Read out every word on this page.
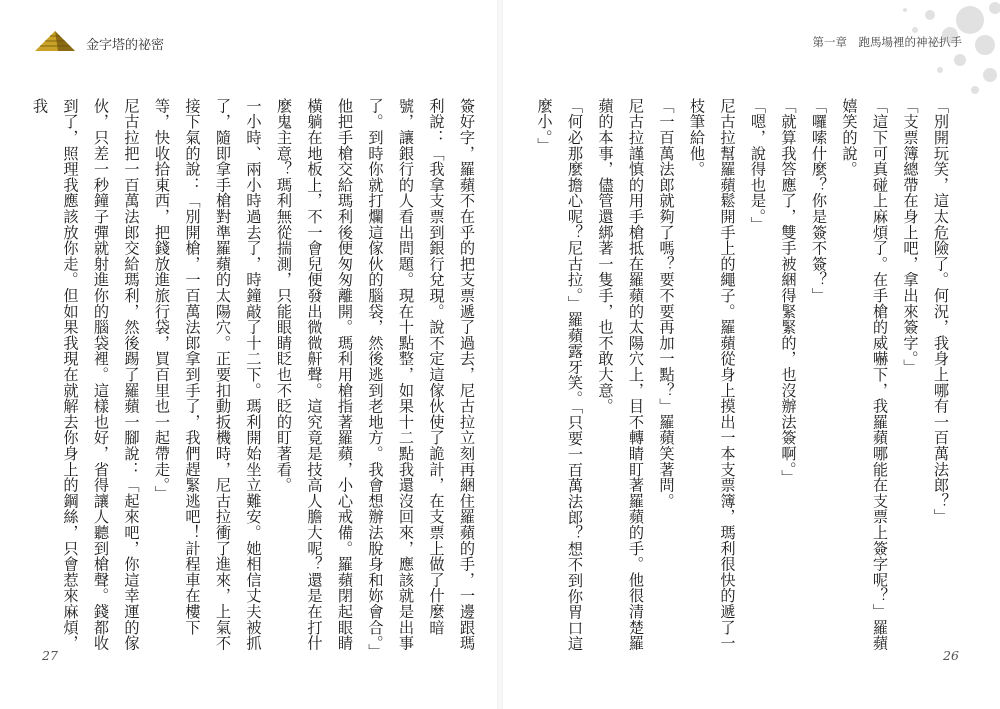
金字塔的祕密	第一章　跑馬場裡的神祕扒手

「別開玩笑，這太危險了。何況，我身上哪有一百萬法郎？」

「支票簿總帶在身上吧，拿出來簽字。」

「這下可真碰上麻煩了。在手槍的威嚇下，我羅蘋哪能在支票上簽字呢？」羅蘋嬉笑的說。

「囉嗦什麼？你是簽不簽？」

「就算我答應了，雙手被綑得緊緊的，也沒辦法簽啊。」

「嗯，說得也是。」

尼古拉幫羅蘋鬆開手上的繩子。羅蘋從身上摸出一本支票簿，瑪利很快的遞了一枝筆給他。

「一百萬法郎就夠了嗎？要不要再加一點？」羅蘋笑著問。

尼古拉謹慎的用手槍抵在羅蘋的太陽穴上，目不轉睛盯著羅蘋的手。他很清楚羅蘋的本事，儘管還綁著一隻手，也不敢大意。

「何必那麼擔心呢？尼古拉。」羅蘋露牙笑。「只要一百萬法郎？想不到你胃口這麼小。」

簽好字，羅蘋不在乎的把支票遞了過去，尼古拉立刻再綑住羅蘋的手，一邊跟瑪利說：「我拿支票到銀行兌現。說不定這傢伙使了詭計，在支票上做了什麼暗號，讓銀行的人看出問題。現在十點整，如果十二點我還沒回來，應該就是出事了。到時你就打爛這傢伙的腦袋，然後逃到老地方。我會想辦法脫身和妳會合。」

他把手槍交給瑪利後便匆匆離開。瑪利用槍指著羅蘋，小心戒備。羅蘋閉起眼睛橫躺在地板上，不一會兒便發出微微鼾聲。這究竟是技高人膽大呢？還是在打什麼鬼主意？瑪利無從揣測，只能眼睛眨也不眨的盯著看。

一小時、兩小時過去了，時鐘敲了十二下。瑪利開始坐立難安。她相信丈夫被抓了，隨即拿手槍對準羅蘋的太陽穴。正要扣動扳機時，尼古拉衝了進來，上氣不接下氣的說：「別開槍，一百萬法郎拿到手了，我們趕緊逃吧！計程車在樓下等，快收拾東西，把錢放進旅行袋，買百里也一起帶走。」

尼古拉把一百萬法郎交給瑪利，然後踢了羅蘋一腳說：「起來吧，你這幸運的傢伙，只差一秒鐘子彈就射進你的腦袋裡。這樣也好，省得讓人聽到槍聲。錢都收到了，照理我應該放你走。但如果我現在就解去你身上的鋼絲，只會惹來麻煩，我

27	26
